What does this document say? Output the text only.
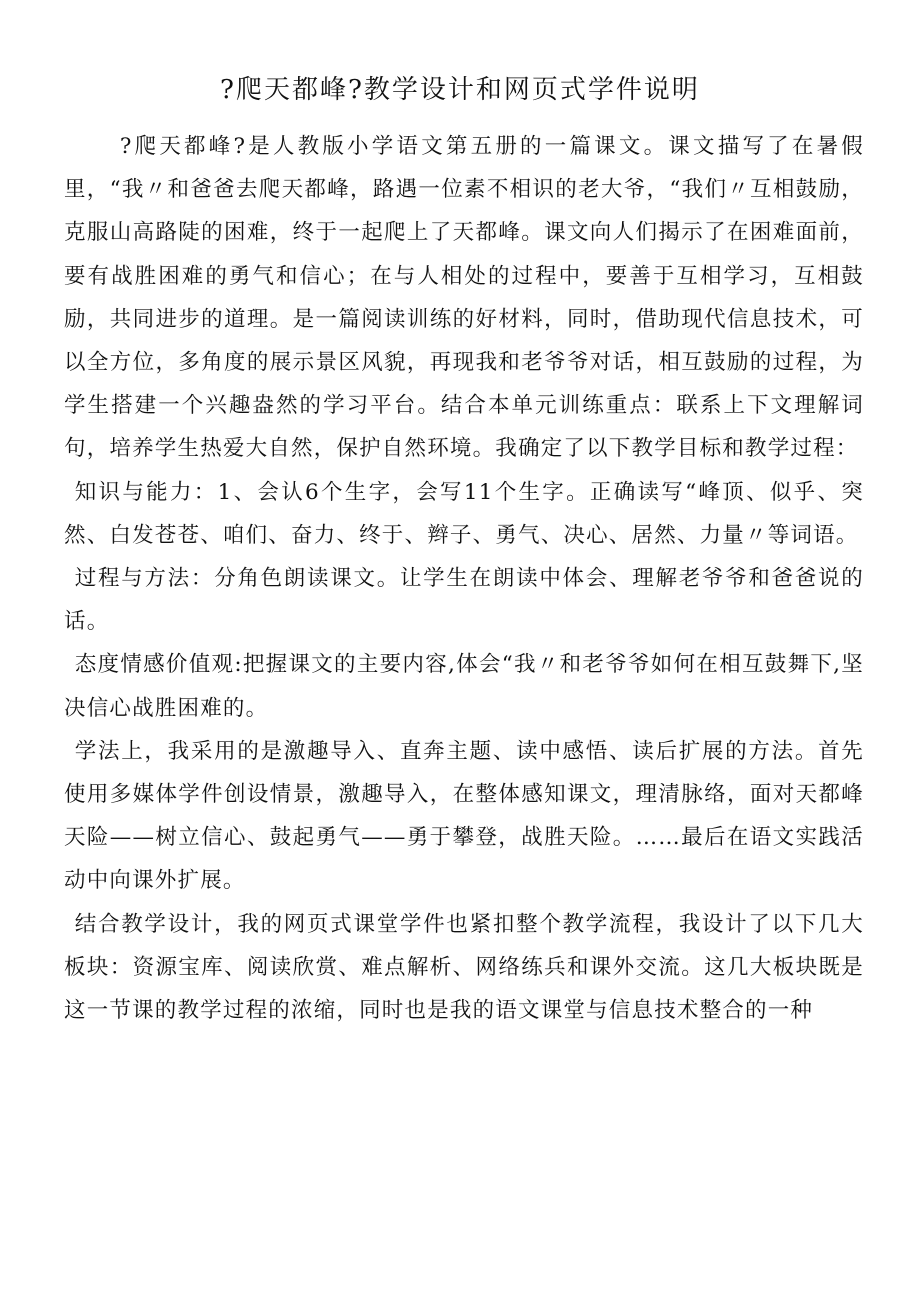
?爬天都峰?教学设计和网页式学件说明

?爬天都峰?是人教版小学语文第五册的一篇课文。课文描写了在暑假里，“我〃和爸爸去爬天都峰，路遇一位素不相识的老大爷，“我们〃互相鼓励，克服山高路陡的困难，终于一起爬上了天都峰。课文向人们揭示了在困难面前，要有战胜困难的勇气和信心；在与人相处的过程中，要善于互相学习，互相鼓励，共同进步的道理。是一篇阅读训练的好材料，同时，借助现代信息技术，可以全方位，多角度的展示景区风貌，再现我和老爷爷对话，相互鼓励的过程，为学生搭建一个兴趣盎然的学习平台。结合本单元训练重点：联系上下文理解词句，培养学生热爱大自然，保护自然环境。我确定了以下教学目标和教学过程：

知识与能力：1、会认6个生字，会写11个生字。正确读写“峰顶、似乎、突然、白发苍苍、咱们、奋力、终于、辫子、勇气、决心、居然、力量〃等词语。

过程与方法：分角色朗读课文。让学生在朗读中体会、理解老爷爷和爸爸说的话。

态度情感价值观:把握课文的主要内容,体会“我〃和老爷爷如何在相互鼓舞下,坚决信心战胜困难的。

学法上，我采用的是激趣导入、直奔主题、读中感悟、读后扩展的方法。首先使用多媒体学件创设情景，激趣导入，在整体感知课文，理清脉络，面对天都峰天险——树立信心、鼓起勇气——勇于攀登，战胜天险。……最后在语文实践活动中向课外扩展。

结合教学设计，我的网页式课堂学件也紧扣整个教学流程，我设计了以下几大板块：资源宝库、阅读欣赏、难点解析、网络练兵和课外交流。这几大板块既是这一节课的教学过程的浓缩，同时也是我的语文课堂与信息技术整合的一种
